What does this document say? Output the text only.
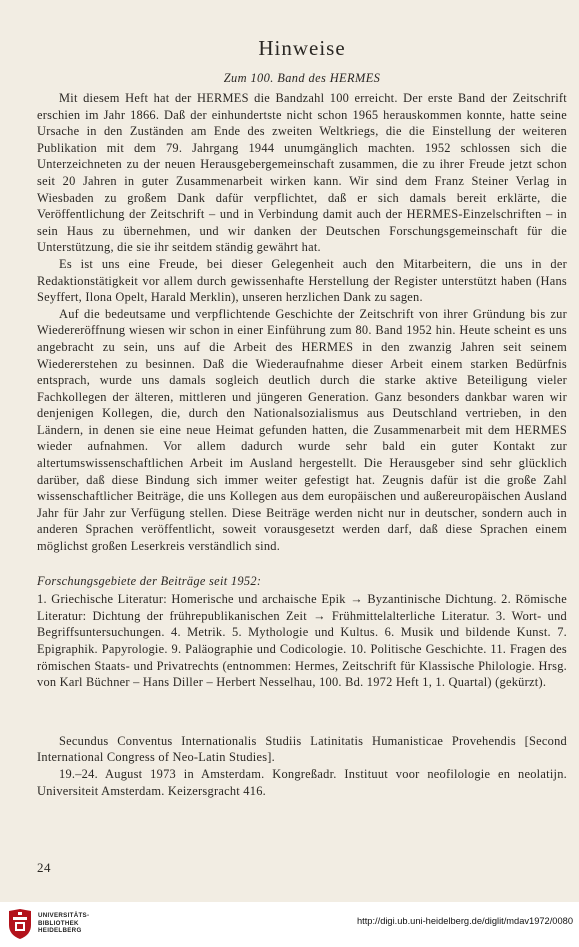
Hinweise
Zum 100. Band des HERMES

Mit diesem Heft hat der HERMES die Bandzahl 100 erreicht. Der erste Band der Zeitschrift erschien im Jahr 1866. Daß der einhundertste nicht schon 1965 herauskommen konnte, hatte seine Ursache in den Zuständen am Ende des zweiten Weltkriegs, die die Einstellung der weiteren Publikation mit dem 79. Jahrgang 1944 unumgänglich machten. 1952 schlossen sich die Unterzeichneten zu der neuen Herausgebergemeinschaft zusammen, die zu ihrer Freude jetzt schon seit 20 Jahren in guter Zusammenarbeit wirken kann. Wir sind dem Franz Steiner Verlag in Wiesbaden zu großem Dank dafür verpflichtet, daß er sich damals bereit erklärte, die Veröffentlichung der Zeitschrift – und in Verbindung damit auch der HERMES-Einzelschriften – in sein Haus zu übernehmen, und wir danken der Deutschen Forschungsgemeinschaft für die Unterstützung, die sie ihr seitdem ständig gewährt hat.

Es ist uns eine Freude, bei dieser Gelegenheit auch den Mitarbeitern, die uns in der Redaktionstätigkeit vor allem durch gewissenhafte Herstellung der Register unterstützt haben (Hans Seyffert, Ilona Opelt, Harald Merklin), unseren herzlichen Dank zu sagen.

Auf die bedeutsame und verpflichtende Geschichte der Zeitschrift von ihrer Gründung bis zur Wiedereröffnung wiesen wir schon in einer Einführung zum 80. Band 1952 hin. Heute scheint es uns angebracht zu sein, uns auf die Arbeit des HERMES in den zwanzig Jahren seit seinem Wiedererstehen zu besinnen. Daß die Wiederaufnahme dieser Arbeit einem starken Bedürfnis entsprach, wurde uns damals sogleich deutlich durch die starke aktive Beteiligung vieler Fachkollegen der älteren, mittleren und jüngeren Generation. Ganz besonders dankbar waren wir denjenigen Kollegen, die, durch den Nationalsozialismus aus Deutschland vertrieben, in den Ländern, in denen sie eine neue Heimat gefunden hatten, die Zusammenarbeit mit dem HERMES wieder aufnahmen. Vor allem dadurch wurde sehr bald ein guter Kontakt zur altertumswissenschaftlichen Arbeit im Ausland hergestellt. Die Herausgeber sind sehr glücklich darüber, daß diese Bindung sich immer weiter gefestigt hat. Zeugnis dafür ist die große Zahl wissenschaftlicher Beiträge, die uns Kollegen aus dem europäischen und außereuropäischen Ausland Jahr für Jahr zur Verfügung stellen. Diese Beiträge werden nicht nur in deutscher, sondern auch in anderen Sprachen veröffentlicht, soweit vorausgesetzt werden darf, daß diese Sprachen einem möglichst großen Leserkreis verständlich sind.

Forschungsgebiete der Beiträge seit 1952:

1. Griechische Literatur: Homerische und archaische Epik → Byzantinische Dichtung. 2. Römische Literatur: Dichtung der frührepublikanischen Zeit → Frühmittelalterliche Literatur. 3. Wort- und Begriffsuntersuchungen. 4. Metrik. 5. Mythologie und Kultus. 6. Musik und bildende Kunst. 7. Epigraphik. Papyrologie. 9. Paläographie und Codicologie. 10. Politische Geschichte. 11. Fragen des römischen Staats- und Privatrechts (entnommen: Hermes, Zeitschrift für Klassische Philologie. Hrsg. von Karl Büchner – Hans Diller – Herbert Nesselhau, 100. Bd. 1972 Heft 1, 1. Quartal) (gekürzt).

Secundus Conventus Internationalis Studiis Latinitatis Humanisticae Provehendis [Second International Congress of Neo-Latin Studies].

19.–24. August 1973 in Amsterdam. Kongreßadr. Instituut voor neofilologie en neolatijn. Universiteit Amsterdam. Keizersgracht 416.

24
UNIVERSITÄTS-
BIBLIOTHEK
HEIDELBERG
http://digi.ub.uni-heidelberg.de/diglit/mdav1972/0080
